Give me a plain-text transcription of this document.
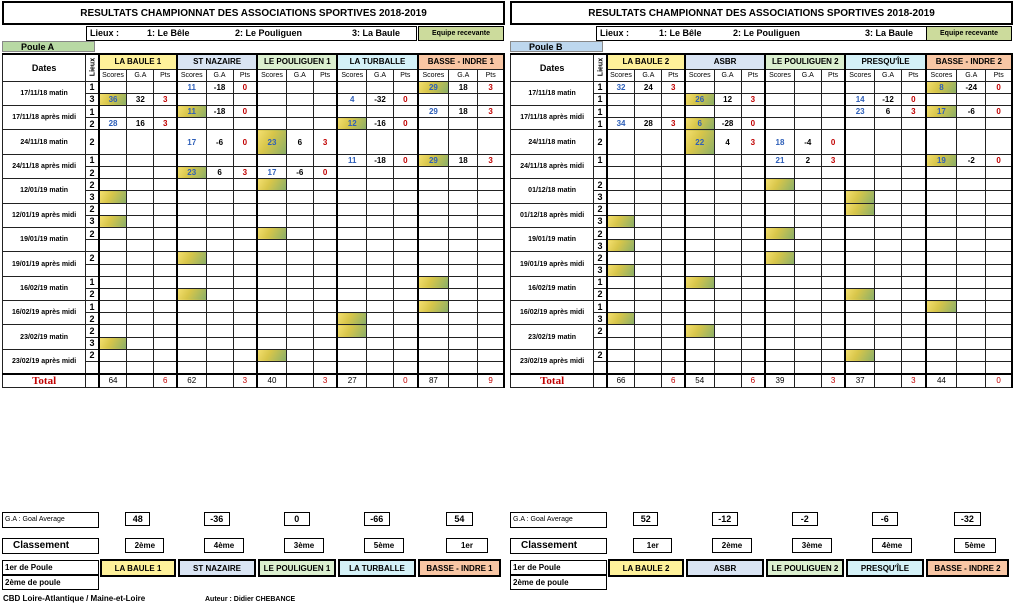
RESULTATS CHAMPIONNAT DES ASSOCIATIONS SPORTIVES 2018-2019
Lieux :	1: Le Bêle	2: Le Pouliguen	3: La Baule	Equipe recevante
Poule A
Dates	Lieux	LA BAULE 1			ST NAZAIRE			LE POULIGUEN 1			LA TURBALLE			BASSE - INDRE 1		
		Scores	G.A	Pts	Scores	G.A	Pts	Scores	G.A	Pts	Scores	G.A	Pts	Scores	G.A	Pts
17/11/18 matin	1				11	-18	0							29	18	3
	3	36	32	3							4	-32	0			
17/11/18 après midi	1				11	-18	0							29	18	3
	2	28	16	3							12	-16	0			
24/11/18 matin	2				17	-6	0	23	6	3						
24/11/18 après midi	1										11	-18	0	29	18	3
	2				23	6	3	17	-6	0						
12/01/19 matin	2															
	3															
12/01/19 après midi	2															
	3															
19/01/19 matin	2															

19/01/19 après midi	2															

16/02/19 matin	1															
	2															
16/02/19 après midi	1															
	2															
23/02/19 matin	2															
	3															
23/02/19 après midi	2															

Total		64		6	62		3	40		3	27		0	87		9
G.A : Goal Average
Classement
1er de Poule
2ème de poule
48
2ème
LA BAULE 1
-36
4ème
ST NAZAIRE
0
3ème
LE POULIGUEN 1
-66
5ème
LA TURBALLE
54
1er
BASSE - INDRE 1
RESULTATS CHAMPIONNAT DES ASSOCIATIONS SPORTIVES 2018-2019
Lieux :	1: Le Bêle	2: Le Pouliguen	3: La Baule	Equipe recevante
Poule B
Dates	Lieux	LA BAULE 2			ASBR			LE POULIGUEN 2			PRESQU'ÎLE			BASSE - INDRE 2		
		Scores	G.A	Pts	Scores	G.A	Pts	Scores	G.A	Pts	Scores	G.A	Pts	Scores	G.A	Pts
17/11/18 matin	1	32	24	3										8	-24	0
	1				26	12	3				14	-12	0			
17/11/18 après midi	1										23	6	3	17	-6	0
	1	34	28	3	6	-28	0									
24/11/18 matin	2				22	4	3	18	-4	0						
24/11/18 après midi	1							21	2	3				19	-2	0

01/12/18 matin	2															
	3															
01/12/18 après midi	2															
	3															
19/01/19 matin	2															
	3															
19/01/19 après midi	2															
	3															
16/02/19 matin	1															
	2															
16/02/19 après midi	1															
	3															
23/02/19 matin	2															

23/02/19 après midi	2															

Total		66		6	54		6	39		3	37		3	44		0
G.A : Goal Average
Classement
1er de Poule
2ème de poule
52
1er
LA BAULE 2
-12
2ème
ASBR
-2
3ème
LE POULIGUEN 2
-6
4ème
PRESQU'ÎLE
-32
5ème
BASSE - INDRE 2
CBD Loire-Atlantique / Maine-et-Loire	Auteur : Didier CHEBANCE
